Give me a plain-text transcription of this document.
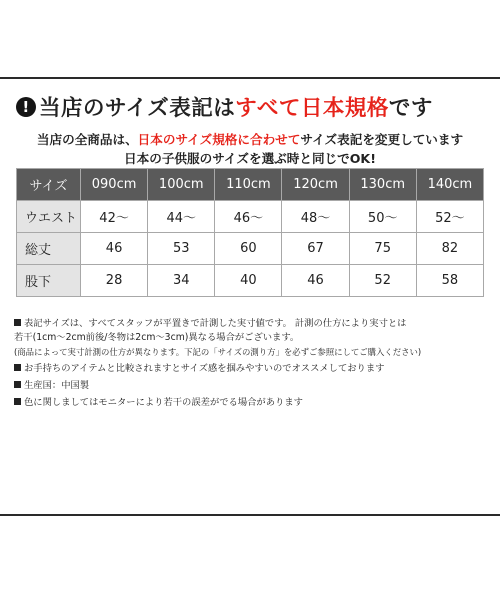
! 当店のサイズ表記は すべて日本規格 です
当店の全商品は、日本のサイズ規格に合わせてサイズ表記を変更しています
日本の子供服のサイズを選ぶ時と同じでOK!
サイズ	090cm	100cm	110cm	120cm	130cm	140cm
ウエスト	42〜	44〜	46〜	48〜	50〜	52〜
総丈	46	53	60	67	75	82
股下	28	34	40	46	52	58
表記サイズは、すべてスタッフが平置きで計測した実寸値です。 計測の仕方により実寸とは
若干(1cm〜2cm前後/冬物は2cm〜3cm)異なる場合がございます。
(商品によって実寸計測の仕方が異なります。下記の「サイズの測り方」を必ずご参照にしてご購入ください)
お手持ちのアイテムと比較されますとサイズ感を掴みやすいのでオススメしております
生産国：中国製
色に関しましてはモニターにより若干の誤差がでる場合があります
